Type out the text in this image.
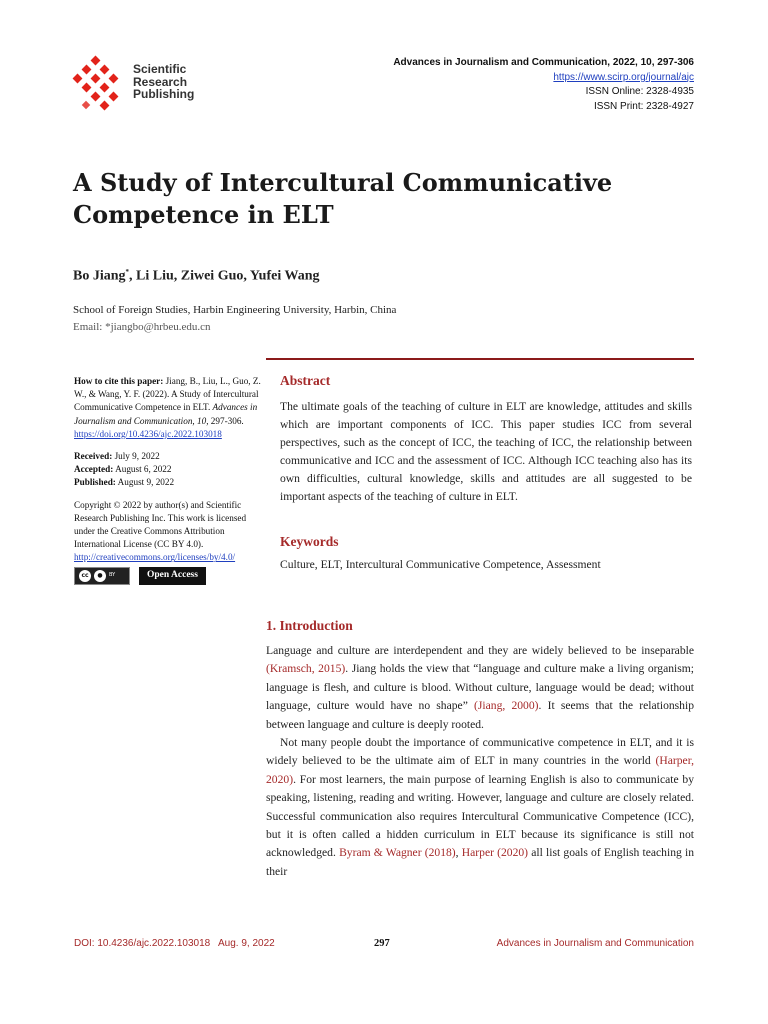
Scientific
Research
Publishing
Advances in Journalism and Communication, 2022, 10, 297-306
https://www.scirp.org/journal/ajc
ISSN Online: 2328-4935
ISSN Print: 2328-4927
A Study of Intercultural Communicative Competence in ELT
Bo Jiang*, Li Liu, Ziwei Guo, Yufei Wang
School of Foreign Studies, Harbin Engineering University, Harbin, China
Email: *jiangbo@hrbeu.edu.cn

How to cite this paper: Jiang, B., Liu, L., Guo, Z. W., & Wang, Y. F. (2022). A Study of Intercultural Communicative Competence in ELT. Advances in Journalism and Communication, 10, 297-306.
https://doi.org/10.4236/ajc.2022.103018

Received: July 9, 2022
Accepted: August 6, 2022
Published: August 9, 2022

Copyright © 2022 by author(s) and Scientific Research Publishing Inc. This work is licensed under the Creative Commons Attribution International License (CC BY 4.0).
http://creativecommons.org/licenses/by/4.0/

cc	●	BY	Open Access
Abstract
The ultimate goals of the teaching of culture in ELT are knowledge, attitudes and skills which are important components of ICC. This paper studies ICC from several perspectives, such as the concept of ICC, the teaching of ICC, the relationship between communicative and ICC and the assessment of ICC. Although ICC teaching also has its own difficulties, cultural knowledge, skills and attitudes are all suggested to be important aspects of the teaching of culture in ELT.
Keywords
Culture, ELT, Intercultural Communicative Competence, Assessment
1. Introduction

Language and culture are interdependent and they are widely believed to be inseparable (Kramsch, 2015). Jiang holds the view that “language and culture make a living organism; language is flesh, and culture is blood. Without culture, language would be dead; without language, culture would have no shape” (Jiang, 2000). It seems that the relationship between language and culture is deeply rooted.

Not many people doubt the importance of communicative competence in ELT, and it is widely believed to be the ultimate aim of ELT in many countries in the world (Harper, 2020). For most learners, the main purpose of learning English is also to communicate by speaking, listening, reading and writing. However, language and culture are closely related. Successful communication also requires Intercultural Communicative Competence (ICC), but it is often called a hidden curriculum in ELT because its significance is still not acknowledged. Byram & Wagner (2018), Harper (2020) all list goals of English teaching in their

DOI: 10.4236/ajc.2022.103018   Aug. 9, 2022	297	Advances in Journalism and Communication
